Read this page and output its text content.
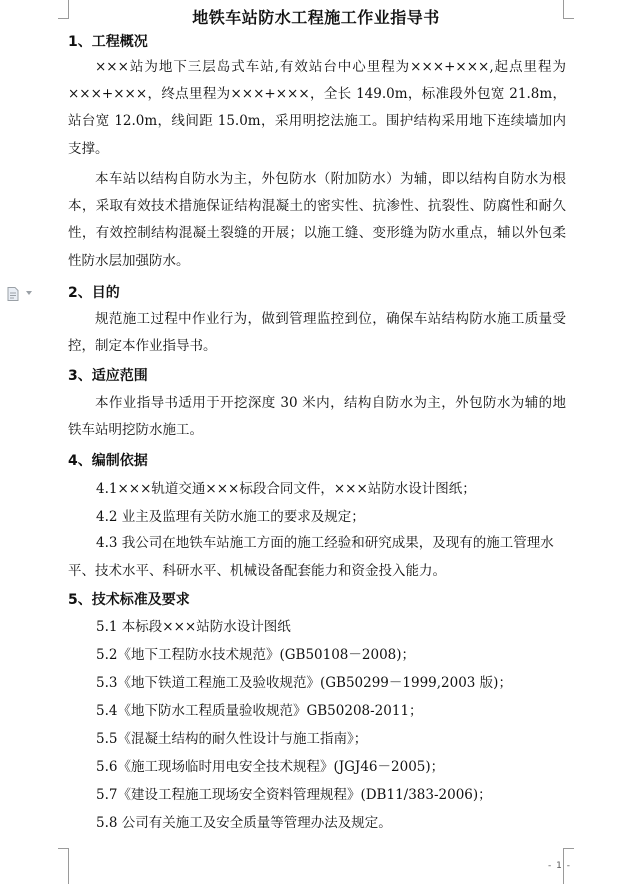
地铁车站防水工程施工作业指导书
1、工程概况
×××站为地下三层岛式车站,有效站台中心里程为×××+×××,起点里程为×××+×××，终点里程为×××+×××，全长 149.0m，标准段外包宽 21.8m， 站台宽 12.0m，线间距 15.0m，采用明挖法施工。围护结构采用地下连续墙加内支撑。
本车站以结构自防水为主，外包防水（附加防水）为辅，即以结构自防水为根本，采取有效技术措施保证结构混凝土的密实性、抗渗性、抗裂性、防腐性和耐久性，有效控制结构混凝土裂缝的开展；以施工缝、变形缝为防水重点，辅以外包柔性防水层加强防水。
2、目的
规范施工过程中作业行为，做到管理监控到位，确保车站结构防水施工质量受控，制定本作业指导书。
3、适应范围
本作业指导书适用于开挖深度 30 米内，结构自防水为主，外包防水为辅的地铁车站明挖防水施工。
4、编制依据
4.1×××轨道交通×××标段合同文件，×××站防水设计图纸；
4.2 业主及监理有关防水施工的要求及规定；
4.3 我公司在地铁车站施工方面的施工经验和研究成果，及现有的施工管理水平、技术水平、科研水平、机械设备配套能力和资金投入能力。
5、技术标准及要求
5.1 本标段×××站防水设计图纸
5.2《地下工程防水技术规范》(GB50108－2008)；
5.3《地下铁道工程施工及验收规范》(GB50299－1999,2003 版)；
5.4《地下防水工程质量验收规范》GB50208-2011；
5.5《混凝土结构的耐久性设计与施工指南》；
5.6《施工现场临时用电安全技术规程》(JGJ46－2005)；
5.7《建设工程施工现场安全资料管理规程》(DB11/383-2006)；
5.8 公司有关施工及安全质量等管理办法及规定。
- 1 -
